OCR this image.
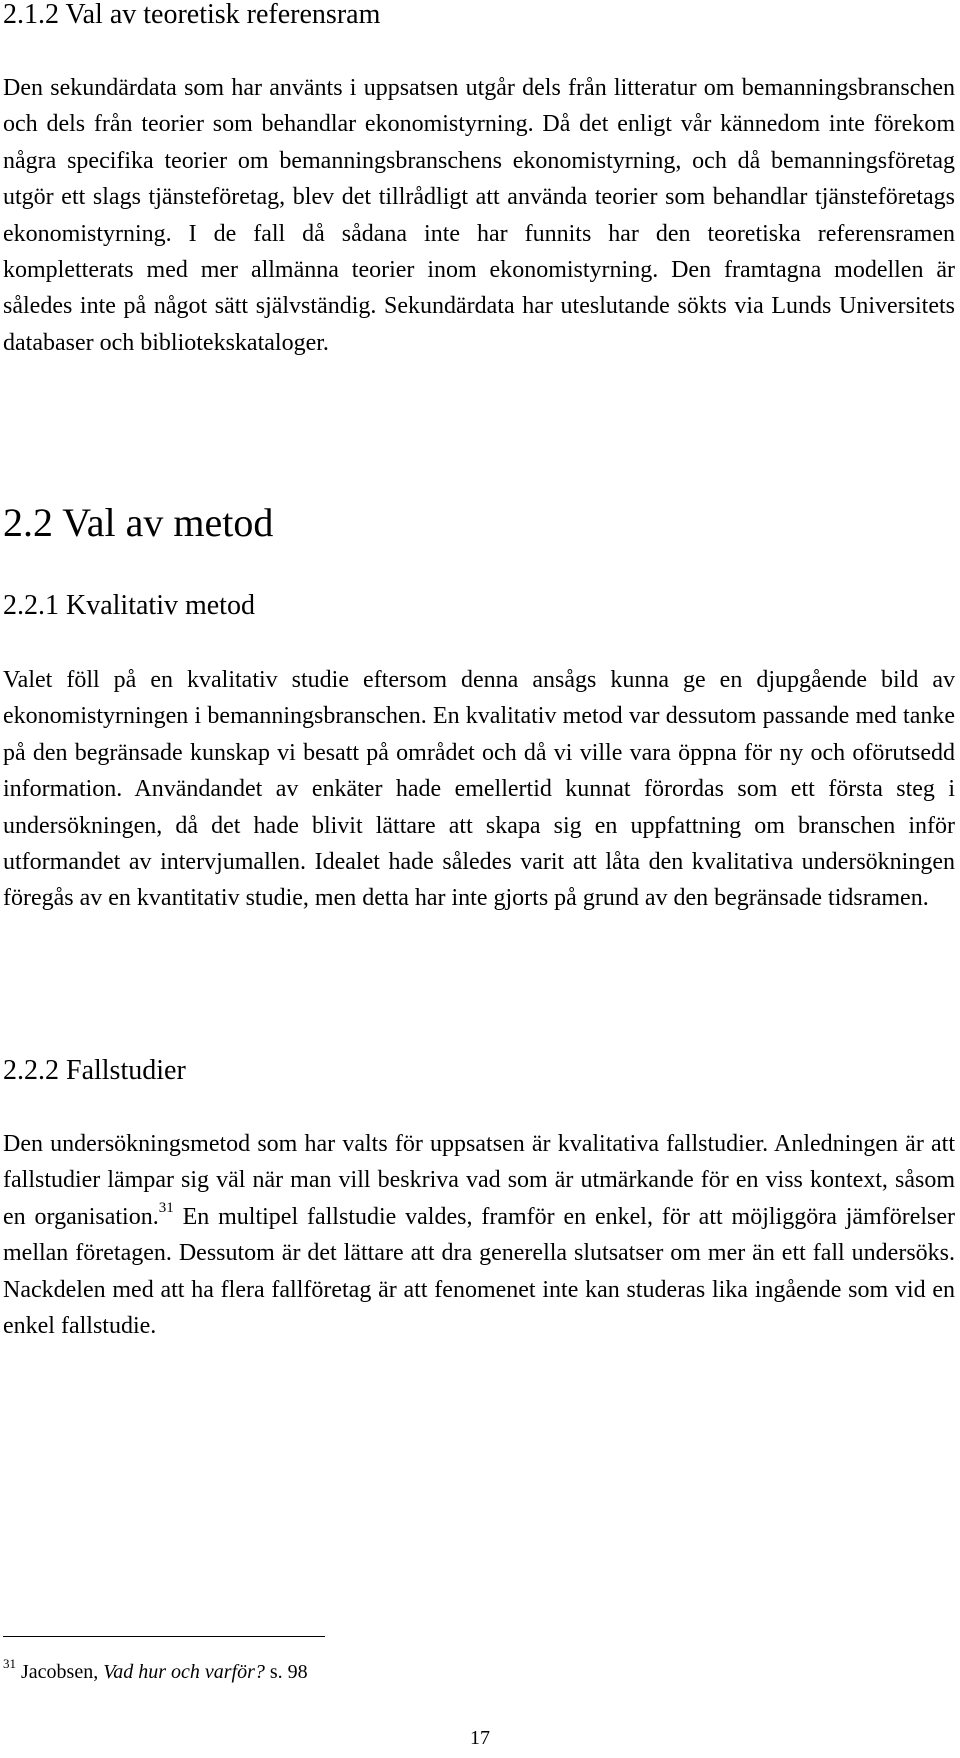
2.1.2 Val av teoretisk referensram

Den sekundärdata som har använts i uppsatsen utgår dels från litteratur om bemanningsbranschen och dels från teorier som behandlar ekonomistyrning. Då det enligt vår kännedom inte förekom några specifika teorier om bemanningsbranschens ekonomistyrning, och då bemanningsföretag utgör ett slags tjänsteföretag, blev det tillrådligt att använda teorier som behandlar tjänsteföretags ekonomistyrning. I de fall då sådana inte har funnits har den teoretiska referensramen kompletterats med mer allmänna teorier inom ekonomistyrning. Den framtagna modellen är således inte på något sätt självständig. Sekundärdata har uteslutande sökts via Lunds Universitets databaser och bibliotekskataloger.

2.2 Val av metod
2.2.1 Kvalitativ metod

Valet föll på en kvalitativ studie eftersom denna ansågs kunna ge en djupgående bild av ekonomistyrningen i bemanningsbranschen. En kvalitativ metod var dessutom passande med tanke på den begränsade kunskap vi besatt på området och då vi ville vara öppna för ny och oförutsedd information. Användandet av enkäter hade emellertid kunnat förordas som ett första steg i undersökningen, då det hade blivit lättare att skapa sig en uppfattning om branschen inför utformandet av intervjumallen. Idealet hade således varit att låta den kvalitativa undersökningen föregås av en kvantitativ studie, men detta har inte gjorts på grund av den begränsade tidsramen.

2.2.2 Fallstudier

Den undersökningsmetod som har valts för uppsatsen är kvalitativa fallstudier. Anledningen är att fallstudier lämpar sig väl när man vill beskriva vad som är utmärkande för en viss kontext, såsom en organisation.$^{31}$ En multipel fallstudie valdes, framför en enkel, för att möjliggöra jämförelser mellan företagen. Dessutom är det lättare att dra generella slutsatser om mer än ett fall undersöks. Nackdelen med att ha flera fallföretag är att fenomenet inte kan studeras lika ingående som vid en enkel fallstudie.

$^{31}$ Jacobsen, Vad hur och varför? s. 98
17
